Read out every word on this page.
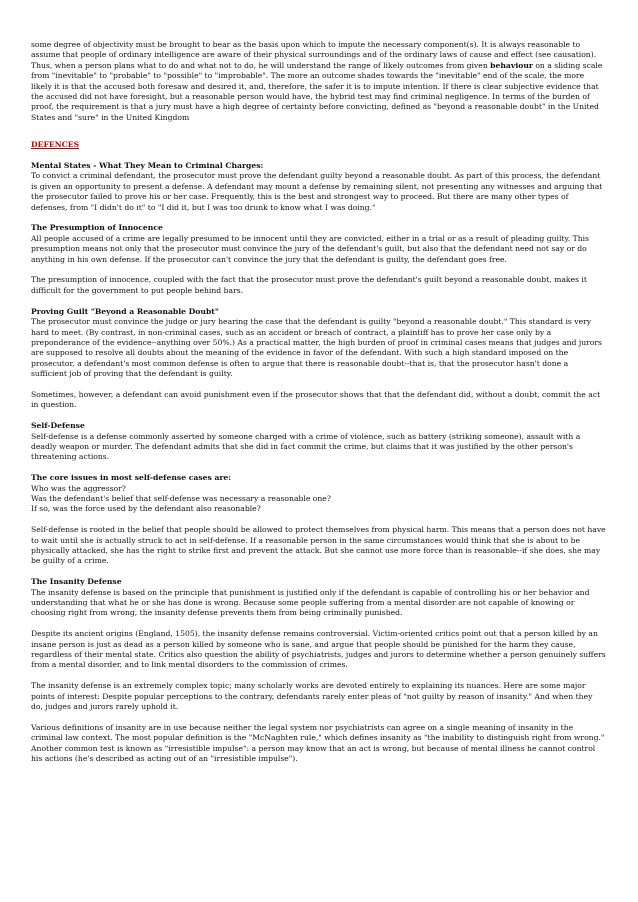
some degree of objectivity must be brought to bear as the basis upon which to impute the necessary component(s). It is always reasonable to assume that people of ordinary intelligence are aware of their physical surroundings and of the ordinary laws of cause and effect (see causation). Thus, when a person plans what to do and what not to do, he will understand the range of likely outcomes from given behaviour on a sliding scale from "inevitable" to "probable" to "possible" to "improbable". The more an outcome shades towards the "inevitable" end of the scale, the more likely it is that the accused both foresaw and desired it, and, therefore, the safer it is to impute intention. If there is clear subjective evidence that the accused did not have foresight, but a reasonable person would have, the hybrid test may find criminal negligence. In terms of the burden of proof, the requirement is that a jury must have a high degree of certainty before convicting, defined as "beyond a reasonable doubt" in the United States and "sure" in the United Kingdom

DEFENCES

Mental States - What They Mean to Criminal Charges:

To convict a criminal defendant, the prosecutor must prove the defendant guilty beyond a reasonable doubt. As part of this process, the defendant is given an opportunity to present a defense. A defendant may mount a defense by remaining silent, not presenting any witnesses and arguing that the prosecutor failed to prove his or her case. Frequently, this is the best and strongest way to proceed. But there are many other types of defenses, from "I didn't do it" to "I did it, but I was too drunk to know what I was doing."

The Presumption of Innocence

All people accused of a crime are legally presumed to be innocent until they are convicted, either in a trial or as a result of pleading guilty. This presumption means not only that the prosecutor must convince the jury of the defendant's guilt, but also that the defendant need not say or do anything in his own defense. If the prosecutor can't convince the jury that the defendant is guilty, the defendant goes free.

The presumption of innocence, coupled with the fact that the prosecutor must prove the defendant's guilt beyond a reasonable doubt, makes it difficult for the government to put people behind bars.

Proving Guilt "Beyond a Reasonable Doubt"

The prosecutor must convince the judge or jury hearing the case that the defendant is guilty "beyond a reasonable doubt." This standard is very hard to meet. (By contrast, in non-criminal cases, such as an accident or breach of contract, a plaintiff has to prove her case only by a preponderance of the evidence--anything over 50%.) As a practical matter, the high burden of proof in criminal cases means that judges and jurors are supposed to resolve all doubts about the meaning of the evidence in favor of the defendant. With such a high standard imposed on the prosecutor, a defendant's most common defense is often to argue that there is reasonable doubt--that is, that the prosecutor hasn't done a sufficient job of proving that the defendant is guilty.

Sometimes, however, a defendant can avoid punishment even if the prosecutor shows that that the defendant did, without a doubt, commit the act in question.

Self-Defense

Self-defense is a defense commonly asserted by someone charged with a crime of violence, such as battery (striking someone), assault with a deadly weapon or murder. The defendant admits that she did in fact commit the crime, but claims that it was justified by the other person's threatening actions.

The core issues in most self-defense cases are:

Who was the aggressor?
Was the defendant's belief that self-defense was necessary a reasonable one?
If so, was the force used by the defendant also reasonable?

Self-defense is rooted in the belief that people should be allowed to protect themselves from physical harm. This means that a person does not have to wait until she is actually struck to act in self-defense. If a reasonable person in the same circumstances would think that she is about to be physically attacked, she has the right to strike first and prevent the attack. But she cannot use more force than is reasonable--if she does, she may be guilty of a crime.

The Insanity Defense

The insanity defense is based on the principle that punishment is justified only if the defendant is capable of controlling his or her behavior and understanding that what he or she has done is wrong. Because some people suffering from a mental disorder are not capable of knowing or choosing right from wrong, the insanity defense prevents them from being criminally punished.

Despite its ancient origins (England, 1505), the insanity defense remains controversial. Victim-oriented critics point out that a person killed by an insane person is just as dead as a person killed by someone who is sane, and argue that people should be punished for the harm they cause, regardless of their mental state. Critics also question the ability of psychiatrists, judges and jurors to determine whether a person genuinely suffers from a mental disorder, and to link mental disorders to the commission of crimes.

The insanity defense is an extremely complex topic; many scholarly works are devoted entirely to explaining its nuances. Here are some major points of interest: Despite popular perceptions to the contrary, defendants rarely enter pleas of "not guilty by reason of insanity." And when they do, judges and jurors rarely uphold it.

Various definitions of insanity are in use because neither the legal system nor psychiatrists can agree on a single meaning of insanity in the criminal law context. The most popular definition is the "McNaghten rule," which defines insanity as "the inability to distinguish right from wrong." Another common test is known as "irresistible impulse": a person may know that an act is wrong, but because of mental illness he cannot control his actions (he's described as acting out of an "irresistible impulse").
